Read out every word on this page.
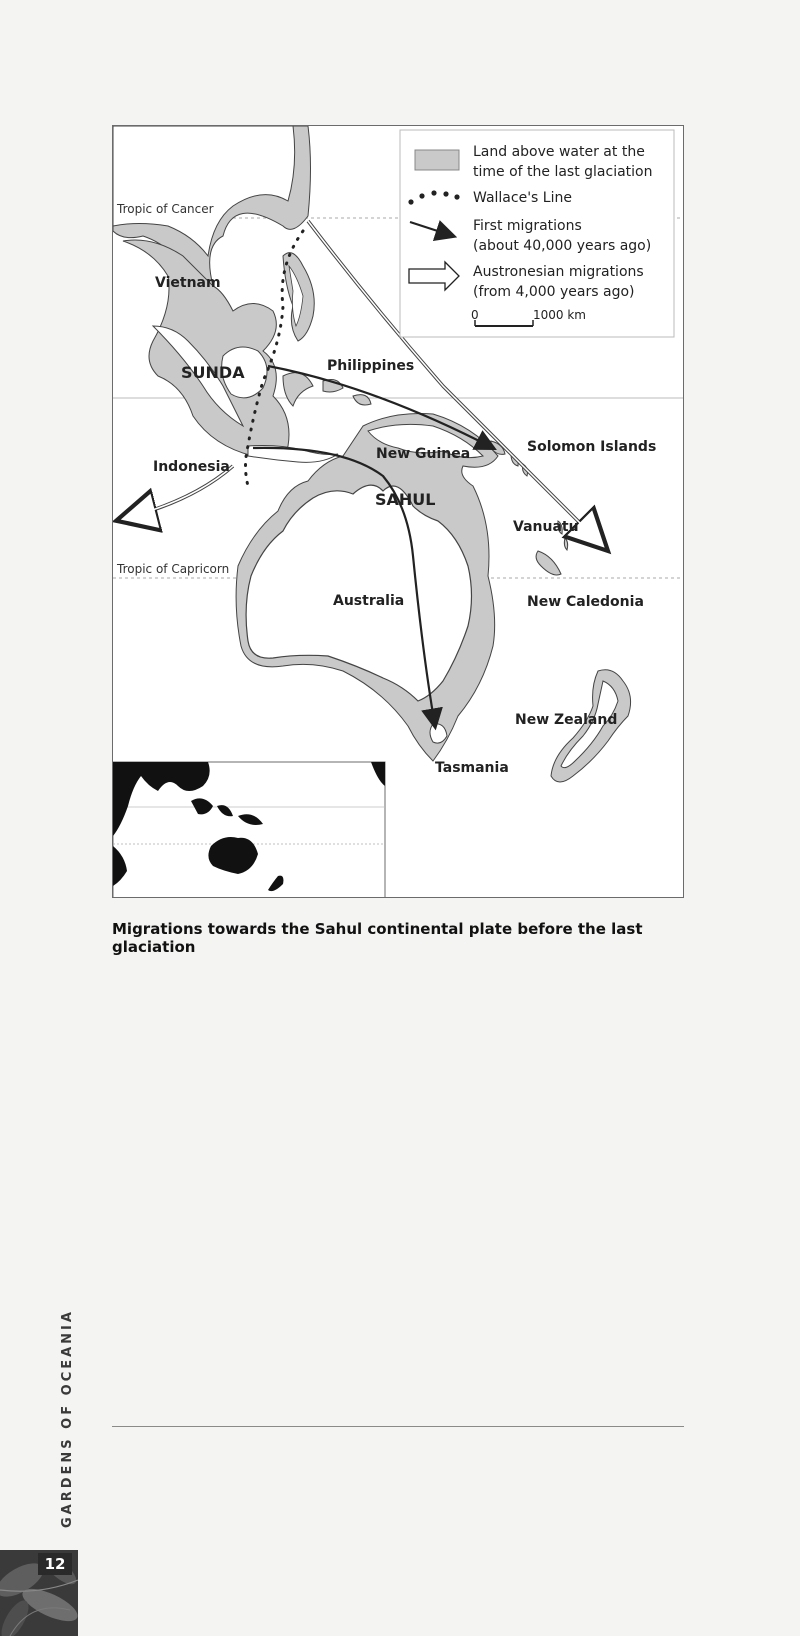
Land above water at the
time of the last glaciation
Wallace's Line
First migrations
(about 40,000 years ago)
Austronesian migrations
(from 4,000 years ago)
0	1000 km
Tropic of Cancer
Tropic of Capricorn
Vietnam
SUNDA	Philippines
Indonesia
New Guinea
SAHUL
Solomon Islands
Vanuatu
New Caledonia
Australia
New Zealand
Tasmania

Migrations towards the Sahul continental plate before the last glaciation

GARDENS OF OCEANIA
12
